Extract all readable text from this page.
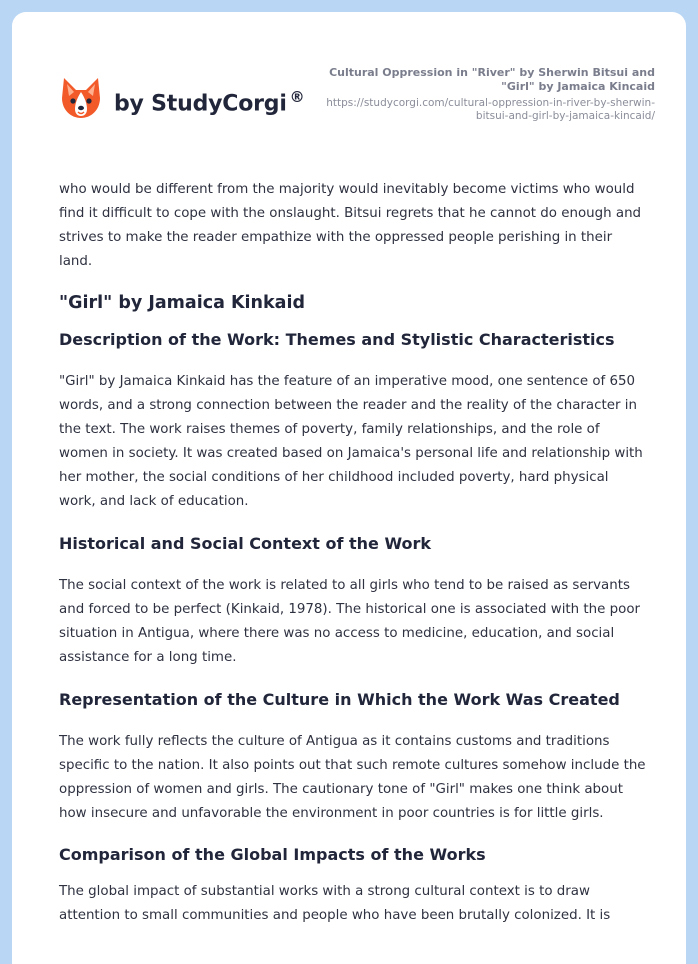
by StudyCorgi ®
Cultural Oppression in "River" by Sherwin Bitsui and "Girl" by Jamaica Kincaid
https://studycorgi.com/cultural-oppression-in-river-by-sherwin-bitsui-and-girl-by-jamaica-kincaid/

who would be different from the majority would inevitably become victims who would find it difficult to cope with the onslaught. Bitsui regrets that he cannot do enough and strives to make the reader empathize with the oppressed people perishing in their land.

"Girl" by Jamaica Kinkaid
Description of the Work: Themes and Stylistic Characteristics

"Girl" by Jamaica Kinkaid has the feature of an imperative mood, one sentence of 650 words, and a strong connection between the reader and the reality of the character in the text. The work raises themes of poverty, family relationships, and the role of women in society. It was created based on Jamaica's personal life and relationship with her mother, the social conditions of her childhood included poverty, hard physical work, and lack of education.

Historical and Social Context of the Work

The social context of the work is related to all girls who tend to be raised as servants and forced to be perfect (Kinkaid, 1978). The historical one is associated with the poor situation in Antigua, where there was no access to medicine, education, and social assistance for a long time.

Representation of the Culture in Which the Work Was Created

The work fully reflects the culture of Antigua as it contains customs and traditions specific to the nation. It also points out that such remote cultures somehow include the oppression of women and girls. The cautionary tone of "Girl" makes one think about how insecure and unfavorable the environment in poor countries is for little girls.

Comparison of the Global Impacts of the Works

The global impact of substantial works with a strong cultural context is to draw attention to small communities and people who have been brutally colonized. It is
